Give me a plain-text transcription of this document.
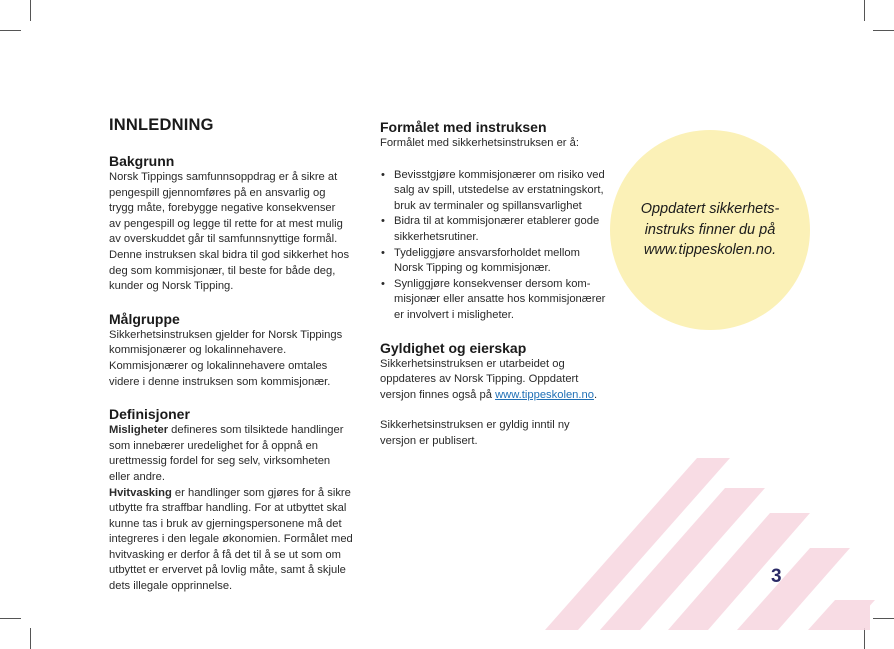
INNLEDNING
Bakgrunn

Norsk Tippings samfunnsoppdrag er å sikre at
pengespill gjennomføres på en ansvarlig og
trygg måte, forebygge negative konsekvenser
av pengespill og legge til rette for at mest mulig
av overskuddet går til samfunnsnyttige formål.
Denne instruksen skal bidra til god sikkerhet hos
deg som kommisjonær, til beste for både deg,
kunder og Norsk Tipping.

Målgruppe

Sikkerhetsinstruksen gjelder for Norsk Tippings
kommisjonærer og lokalinnehavere.
Kommisjonærer og lokalinnehavere omtales
videre i denne instruksen som kommisjonær.

Definisjoner

Misligheter defineres som tilsiktede handlinger
som innebærer uredelighet for å oppnå en
urettmessig fordel for seg selv, virksomheten
eller andre.

Hvitvasking er handlinger som gjøres for å sikre
utbytte fra straffbar handling. For at utbyttet skal
kunne tas i bruk av gjerningspersonene må det
integreres i den legale økonomien. Formålet med
hvitvasking er derfor å få det til å se ut som om
utbyttet er ervervet på lovlig måte, samt å skjule
dets illegale opprinnelse.

Formålet med instruksen

Formålet med sikkerhetsinstruksen er å:

• Bevisstgjøre kommisjonærer om risiko ved
salg av spill, utstedelse av erstatningskort,
bruk av terminaler og spillansvarlighet
• Bidra til at kommisjonærer etablerer gode
sikkerhetsrutiner.
• Tydeliggjøre ansvarsforholdet mellom
Norsk Tipping og kommisjonær.
• Synliggjøre konsekvenser dersom kom-
misjonær eller ansatte hos kommisjonærer
er involvert i misligheter.
Gyldighet og eierskap

Sikkerhetsinstruksen er utarbeidet og
oppdateres av Norsk Tipping. Oppdatert
versjon finnes også på www.tippeskolen.no.

Sikkerhetsinstruksen er gyldig inntil ny
versjon er publisert.

Oppdatert sikkerhets-
instruks finner du på
www.tippeskolen.no.
3
